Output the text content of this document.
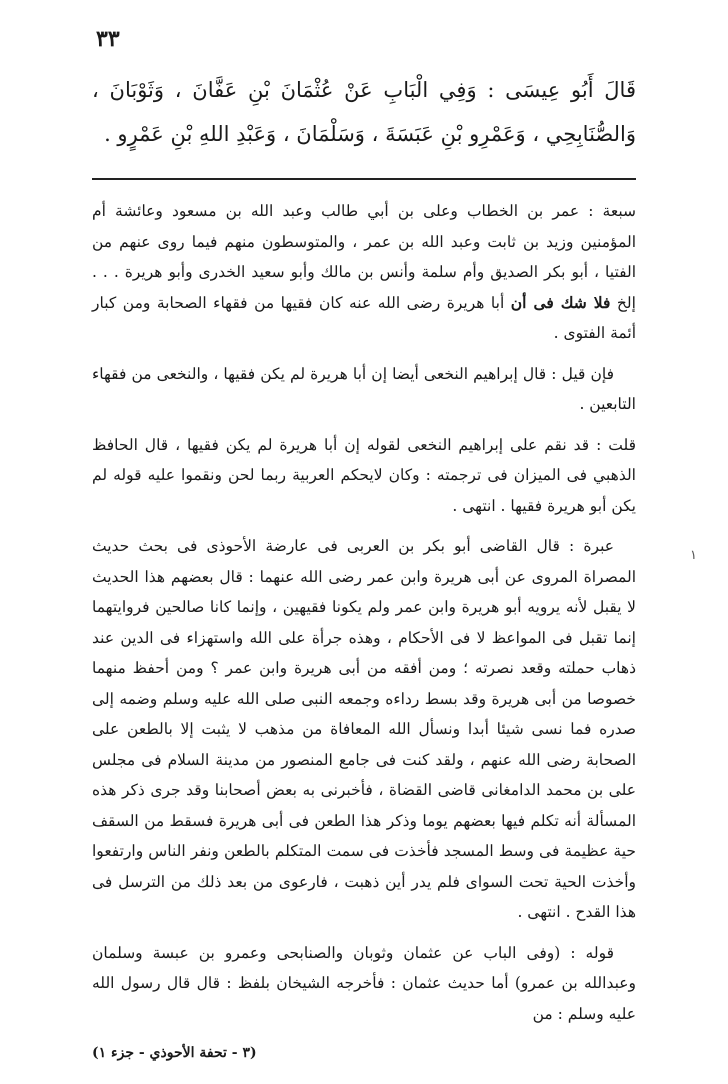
٣٣
قَالَ أَبُو عِيسَى : وَفِي الْبَابِ عَنْ عُثْمَانَ بْنِ عَفَّانَ ، وَثَوْبَانَ ، وَالصُّنَابِحِي ، وَعَمْرِو بْنِ عَبَسَةَ ، وَسَلْمَانَ ، وَعَبْدِ اللهِ بْنِ عَمْرٍو .

سبعة : عمر بن الخطاب وعلى بن أبي طالب وعبد الله بن مسعود وعائشة أم المؤمنين وزيد بن ثابت وعبد الله بن عمر ، والمتوسطون منهم فيما روى عنهم من الفتيا ، أبو بكر الصديق وأم سلمة وأنس بن مالك وأبو سعيد الخدرى وأبو هريرة . . . إلخ فلا شك فى أن أبا هريرة رضى الله عنه كان فقيها من فقهاء الصحابة ومن كبار أئمة الفتوى .

فإن قيل : قال إبراهيم النخعى أيضا إن أبا هريرة لم يكن فقيها ، والنخعى من فقهاء التابعين .

قلت : قد نقم على إبراهيم النخعى لقوله إن أبا هريرة لم يكن فقيها ، قال الحافظ الذهبي فى الميزان فى ترجمته : وكان لايحكم العربية ربما لحن ونقموا عليه قوله لم يكن أبو هريرة فقيها . انتهى .

عبرة : قال القاضى أبو بكر بن العربى فى عارضة الأحوذى فى بحث حديث المصراة المروى عن أبى هريرة وابن عمر رضى الله عنهما : قال بعضهم هذا الحديث لا يقبل لأنه يرويه أبو هريرة وابن عمر ولم يكونا فقيهين ، وإنما كانا صالحين فروايتهما إنما تقبل فى المواعظ لا فى الأحكام ، وهذه جرأة على الله واستهزاء فى الدين عند ذهاب حملته وقعد نصرته ؛ ومن أفقه من أبى هريرة وابن عمر ؟ ومن أحفظ منهما خصوصا من أبى هريرة وقد بسط رداءه وجمعه النبى صلى الله عليه وسلم وضمه إلى صدره فما نسى شيئا أبدا ونسأل الله المعافاة من مذهب لا يثبت إلا بالطعن على الصحابة رضى الله عنهم ، ولقد كنت فى جامع المنصور من مدينة السلام فى مجلس على بن محمد الدامغانى قاضى القضاة ، فأخبرنى به بعض أصحابنا وقد جرى ذكر هذه المسألة أنه تكلم فيها بعضهم يوما وذكر هذا الطعن فى أبى هريرة فسقط من السقف حية عظيمة فى وسط المسجد فأخذت فى سمت المتكلم بالطعن ونفر الناس وارتفعوا وأخذت الحية تحت السواى فلم يدر أين ذهبت ، فارعوى من بعد ذلك من الترسل فى هذا القدح . انتهى .

قوله : (وفى الباب عن عثمان وثوبان والصنابحى وعمرو بن عبسة وسلمان وعبدالله بن عمرو) أما حديث عثمان : فأخرجه الشيخان بلفظ : قال قال رسول الله عليه وسلم : من

١
(٣ - تحفة الأحوذي - جزء ١)
